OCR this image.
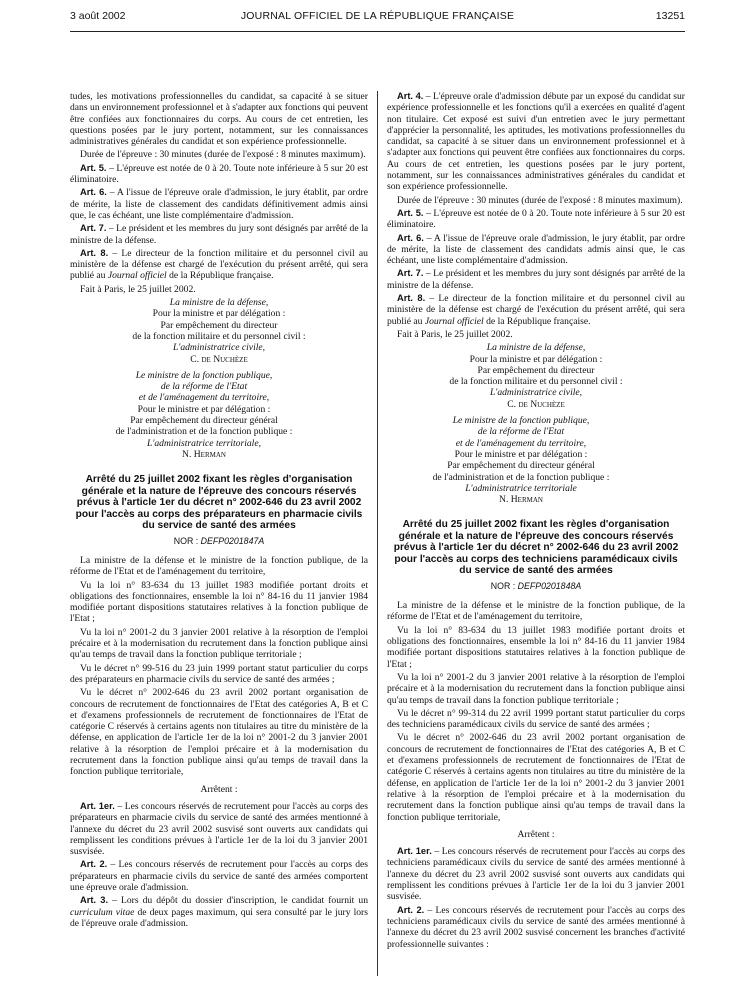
3 août 2002	JOURNAL OFFICIEL DE LA RÉPUBLIQUE FRANÇAISE	13251

tudes, les motivations professionnelles du candidat, sa capacité à se situer dans un environnement professionnel et à s'adapter aux fonctions qui peuvent être confiées aux fonctionnaires du corps. Au cours de cet entretien, les questions posées par le jury portent, notamment, sur les connaissances administratives générales du candidat et son expérience professionnelle.

Durée de l'épreuve : 30 minutes (durée de l'exposé : 8 minutes maximum).

Art. 5. – L'épreuve est notée de 0 à 20. Toute note inférieure à 5 sur 20 est éliminatoire.

Art. 6. – A l'issue de l'épreuve orale d'admission, le jury établit, par ordre de mérite, la liste de classement des candidats définitivement admis ainsi que, le cas échéant, une liste complémentaire d'admission.

Art. 7. – Le président et les membres du jury sont désignés par arrêté de la ministre de la défense.

Art. 8. – Le directeur de la fonction militaire et du personnel civil au ministère de la défense est chargé de l'exécution du présent arrêté, qui sera publié au Journal officiel de la République française.

Fait à Paris, le 25 juillet 2002.

La ministre de la défense,

Pour la ministre et par délégation :

Par empêchement du directeur

de la fonction militaire et du personnel civil :

L'administratrice civile,

C. de Nuchèze

Le ministre de la fonction publique,

de la réforme de l'Etat

et de l'aménagement du territoire,

Pour le ministre et par délégation :

Par empêchement du directeur général

de l'administration et de la fonction publique :

L'administratrice territoriale,

N. Herman

Arrêté du 25 juillet 2002 fixant les règles d'organisation générale et la nature de l'épreuve des concours réservés prévus à l'article 1er du décret n° 2002-646 du 23 avril 2002 pour l'accès au corps des préparateurs en pharmacie civils du service de santé des armées

NOR : DEFP0201847A

La ministre de la défense et le ministre de la fonction publique, de la réforme de l'Etat et de l'aménagement du territoire,

Vu la loi n° 83-634 du 13 juillet 1983 modifiée portant droits et obligations des fonctionnaires, ensemble la loi n° 84-16 du 11 janvier 1984 modifiée portant dispositions statutaires relatives à la fonction publique de l'Etat ;

Vu la loi n° 2001-2 du 3 janvier 2001 relative à la résorption de l'emploi précaire et à la modernisation du recrutement dans la fonction publique ainsi qu'au temps de travail dans la fonction publique territoriale ;

Vu le décret n° 99-516 du 23 juin 1999 portant statut particulier du corps des préparateurs en pharmacie civils du service de santé des armées ;

Vu le décret n° 2002-646 du 23 avril 2002 portant organisation de concours de recrutement de fonctionnaires de l'Etat des catégories A, B et C et d'examens professionnels de recrutement de fonctionnaires de l'Etat de catégorie C réservés à certains agents non titulaires au titre du ministère de la défense, en application de l'article 1er de la loi n° 2001-2 du 3 janvier 2001 relative à la résorption de l'emploi précaire et à la modernisation du recrutement dans la fonction publique ainsi qu'au temps de travail dans la fonction publique territoriale,

Arrêtent :

Art. 1er. – Les concours réservés de recrutement pour l'accès au corps des préparateurs en pharmacie civils du service de santé des armées mentionné à l'annexe du décret du 23 avril 2002 susvisé sont ouverts aux candidats qui remplissent les conditions prévues à l'article 1er de la loi du 3 janvier 2001 susvisée.

Art. 2. – Les concours réservés de recrutement pour l'accès au corps des préparateurs en pharmacie civils du service de santé des armées comportent une épreuve orale d'admission.

Art. 3. – Lors du dépôt du dossier d'inscription, le candidat fournit un curriculum vitae de deux pages maximum, qui sera consulté par le jury lors de l'épreuve orale d'admission.

Art. 4. – L'épreuve orale d'admission débute par un exposé du candidat sur expérience professionnelle et les fonctions qu'il a exercées en qualité d'agent non titulaire. Cet exposé est suivi d'un entretien avec le jury permettant d'apprécier la personnalité, les aptitudes, les motivations professionnelles du candidat, sa capacité à se situer dans un environnement professionnel et à s'adapter aux fonctions qui peuvent être confiées aux fonctionnaires du corps. Au cours de cet entretien, les questions posées par le jury portent, notamment, sur les connaissances administratives générales du candidat et son expérience professionnelle.

Durée de l'épreuve : 30 minutes (durée de l'exposé : 8 minutes maximum).

Art. 5. – L'épreuve est notée de 0 à 20. Toute note inférieure à 5 sur 20 est éliminatoire.

Art. 6. – A l'issue de l'épreuve orale d'admission, le jury établit, par ordre de mérite, la liste de classement des candidats admis ainsi que, le cas échéant, une liste complémentaire d'admission.

Art. 7. – Le président et les membres du jury sont désignés par arrêté de la ministre de la défense.

Art. 8. – Le directeur de la fonction militaire et du personnel civil au ministère de la défense est chargé de l'exécution du présent arrêté, qui sera publié au Journal officiel de la République française.

Fait à Paris, le 25 juillet 2002.

La ministre de la défense,

Pour la ministre et par délégation :

Par empêchement du directeur

de la fonction militaire et du personnel civil :

L'administratrice civile,

C. de Nuchèze

Le ministre de la fonction publique,

de la réforme de l'Etat

et de l'aménagement du territoire,

Pour le ministre et par délégation :

Par empêchement du directeur général

de l'administration et de la fonction publique :

L'administratrice territoriale

N. Herman

Arrêté du 25 juillet 2002 fixant les règles d'organisation générale et la nature de l'épreuve des concours réservés prévus à l'article 1er du décret n° 2002-646 du 23 avril 2002 pour l'accès au corps des techniciens paramédicaux civils du service de santé des armées

NOR : DEFP0201848A

La ministre de la défense et le ministre de la fonction publique, de la réforme de l'Etat et de l'aménagement du territoire,

Vu la loi n° 83-634 du 13 juillet 1983 modifiée portant droits et obligations des fonctionnaires, ensemble la loi n° 84-16 du 11 janvier 1984 modifiée portant dispositions statutaires relatives à la fonction publique de l'Etat ;

Vu la loi n° 2001-2 du 3 janvier 2001 relative à la résorption de l'emploi précaire et à la modernisation du recrutement dans la fonction publique ainsi qu'au temps de travail dans la fonction publique territoriale ;

Vu le décret n° 99-314 du 22 avril 1999 portant statut particulier du corps des techniciens paramédicaux civils du service de santé des armées ;

Vu le décret n° 2002-646 du 23 avril 2002 portant organisation de concours de recrutement de fonctionnaires de l'Etat des catégories A, B et C et d'examens professionnels de recrutement de fonctionnaires de l'Etat de catégorie C réservés à certains agents non titulaires au titre du ministère de la défense, en application de l'article 1er de la loi n° 2001-2 du 3 janvier 2001 relative à la résorption de l'emploi précaire et à la modernisation du recrutement dans la fonction publique ainsi qu'au temps de travail dans la fonction publique territoriale,

Arrêtent :

Art. 1er. – Les concours réservés de recrutement pour l'accès au corps des techniciens paramédicaux civils du service de santé des armées mentionné à l'annexe du décret du 23 avril 2002 susvisé sont ouverts aux candidats qui remplissent les conditions prévues à l'article 1er de la loi du 3 janvier 2001 susvisée.

Art. 2. – Les concours réservés de recrutement pour l'accès au corps des techniciens paramédicaux civils du service de santé des armées mentionné à l'annexe du décret du 23 avril 2002 susvisé concernent les branches d'activité professionnelle suivantes :
